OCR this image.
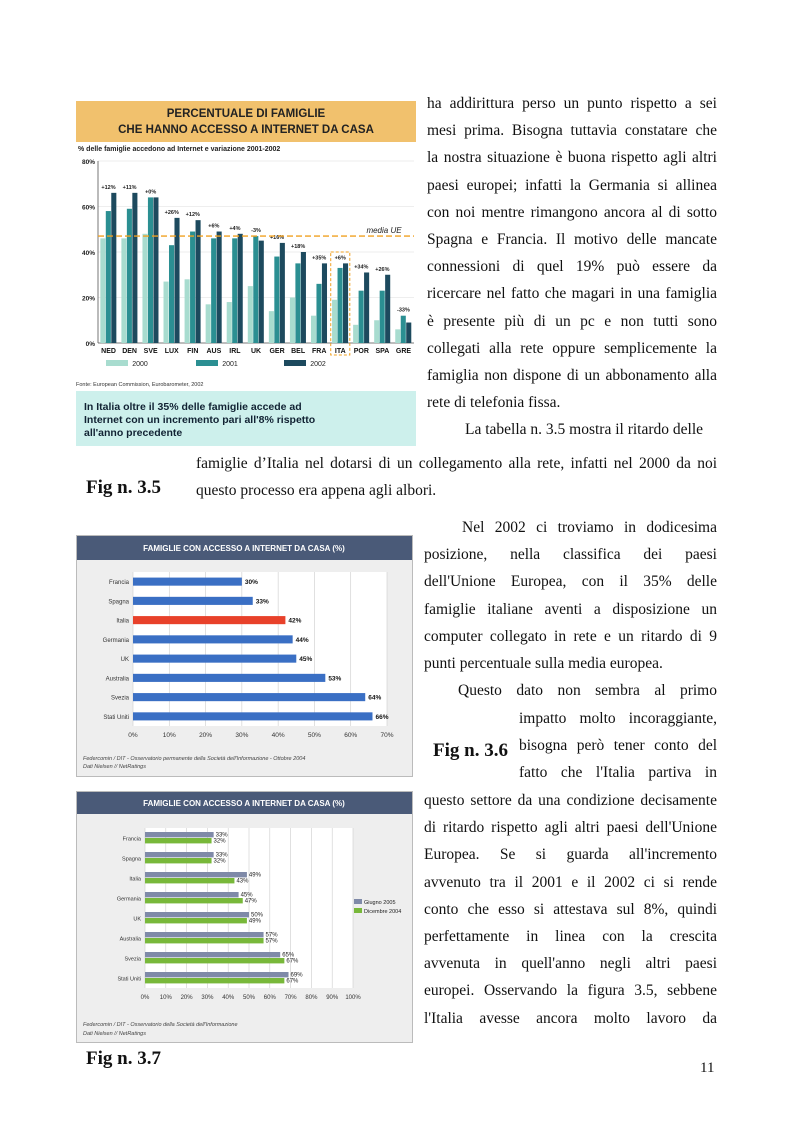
PERCENTUALE DI FAMIGLIE
CHE HANNO ACCESSO A INTERNET DA CASA
% delle famiglie accedono ad Internet e variazione 2001-2002
0%
20%
40%
60%
80%
+12%
NED
+11%
DEN
+0%
SVE
+26%
LUX
+12%
FIN
+6%
AUS
+4%
IRL
-3%
UK
+16%
GER
+18%
BEL
+35%
FRA
+6%
ITA
+34%
POR
+26%
SPA
-33%
GRE
media UE
2000	2001	2002
Fonte: European Commission, Eurobarometer, 2002
In Italia oltre il 35% delle famiglie accede ad
Internet con un incremento pari all'8% rispetto
all'anno precedente
Fig n. 3.5
FAMIGLIE CON ACCESSO A INTERNET DA CASA (%)
0%	10%	20%	30%	40%	50%	60%	70%
Francia	30%
Spagna	33%
Italia	42%
Germania	44%
UK	45%
Australia	53%
Svezia	64%
Stati Uniti	66%
Federcomin / DIT - Osservatorio permanente della Società dell'Informazione - Ottobre 2004
Dati Nielsen // NetRatings
Fig n. 3.6
FAMIGLIE CON ACCESSO A INTERNET DA CASA (%)
0% 10% 20% 30% 40% 50% 60% 70% 80% 90% 100%
Francia
33%
32%
Spagna
33%
32%
Italia
49%
43%
Germania
45%
47%
UK
50%
49%
Australia
57%
57%
Svezia
65%
67%
Stati Uniti
69%
67%
Giugno 2005
Dicembre 2004
Federcomin / DIT - Osservatorio della Società dell'Informazione
Dati Nielsen // NetRatings
Fig n. 3.7
ha addirittura perso un punto rispetto a sei
mesi prima. Bisogna tuttavia constatare che
la nostra situazione è buona rispetto agli altri
paesi europei; infatti la Germania si allinea
con noi mentre rimangono ancora al di sotto
Spagna e Francia. Il motivo delle mancate
connessioni di quel 19% può essere da
ricercare nel fatto che magari in una famiglia
è presente più di un pc e non tutti sono
collegati alla rete oppure semplicemente la
famiglia non dispone di un abbonamento alla
rete di telefonia fissa.
La tabella n. 3.5 mostra il ritardo delle
famiglie d’Italia nel dotarsi di un collegamento alla rete, infatti nel 2000 da noi
questo processo era appena agli albori.
Nel 2002 ci troviamo in dodicesima
posizione, nella classifica dei paesi
dell'Unione Europea, con il 35% delle
famiglie italiane aventi a disposizione un
computer collegato in rete e un ritardo di 9
punti percentuale sulla media europea.
Questo dato non sembra al primo
impatto molto incoraggiante,
bisogna però tener conto del
fatto che l'Italia partiva in
questo settore da una condizione decisamente
di ritardo rispetto agli altri paesi dell'Unione
Europea. Se si guarda all'incremento
avvenuto tra il 2001 e il 2002 ci si rende
conto che esso si attestava sul 8%, quindi
perfettamente in linea con la crescita
avvenuta in quell'anno negli altri paesi
europei. Osservando la figura 3.5, sebbene
l'Italia avesse ancora molto lavoro da
11
